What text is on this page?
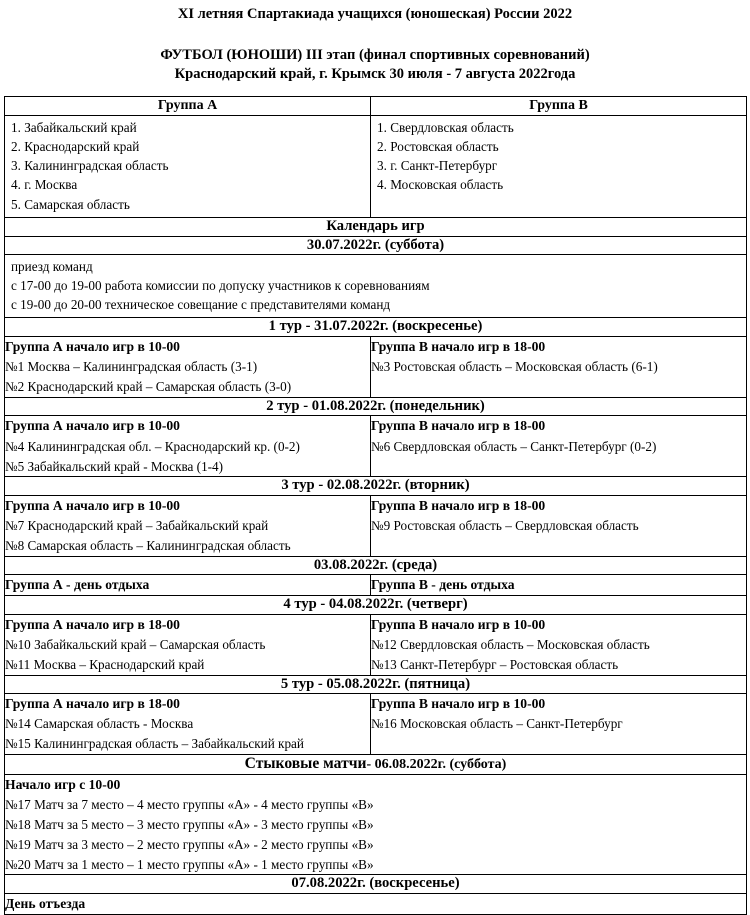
XI летняя Спартакиада учащихся (юношеская) России 2022
ФУТБОЛ (ЮНОШИ) III этап (финал спортивных соревнований)
Краснодарский край, г. Крымск 30 июля - 7 августа 2022года
Группа А	Группа В

1. Забайкальский край
2. Краснодарский край
3. Калининградская область
4. г. Москва
5. Самарская область

1. Свердловская область
2. Ростовская область
3. г. Санкт-Петербург
4. Московская область

Календарь игр	
30.07.2022г. (суббота)	

приезд команд
с 17-00 до 19-00 работа комиссии по допуску участников к соревнованиям
с 19-00 до 20-00 техническое совещание с представителями команд

1 тур - 31.07.2022г. (воскресенье)	

Группа А начало игр в 10-00
№1 Москва – Калининградская область (3-1)
№2 Краснодарский край – Самарская область (3-0)

Группа В начало игр в 18-00
№3 Ростовская область – Московская область (6-1)

2 тур - 01.08.2022г. (понедельник)	

Группа А начало игр в 10-00
№4 Калининградская обл. – Краснодарский кр. (0-2)
№5 Забайкальский край - Москва (1-4)

Группа В начало игр в 18-00
№6 Свердловская область – Санкт-Петербург (0-2)

3 тур - 02.08.2022г. (вторник)	

Группа А начало игр в 10-00
№7 Краснодарский край – Забайкальский край
№8 Самарская область – Калининградская область

Группа В начало игр в 18-00
№9 Ростовская область – Свердловская область

03.08.2022г. (среда)	
Группа А - день отдыха	Группа В - день отдыха
4 тур - 04.08.2022г. (четверг)	

Группа А начало игр в 18-00
№10 Забайкальский край – Самарская область
№11 Москва – Краснодарский край

Группа В начало игр в 10-00
№12 Свердловская область – Московская область
№13 Санкт-Петербург – Ростовская область

5 тур - 05.08.2022г. (пятница)	

Группа А начало игр в 18-00
№14 Самарская область - Москва
№15 Калининградская область – Забайкальский край

Группа В начало игр в 10-00
№16 Московская область – Санкт-Петербург

Стыковые матчи- 06.08.2022г. (суббота)	

Начало игр с 10-00
№17 Матч за 7 место – 4 место группы «А» - 4 место группы «В»
№18 Матч за 5 место – 3 место группы «А» - 3 место группы «В»
№19 Матч за 3 место – 2 место группы «А» - 2 место группы «В»
№20 Матч за 1 место – 1 место группы «А» - 1 место группы «В»	

07.08.2022г. (воскресенье)	
День отъезда	
